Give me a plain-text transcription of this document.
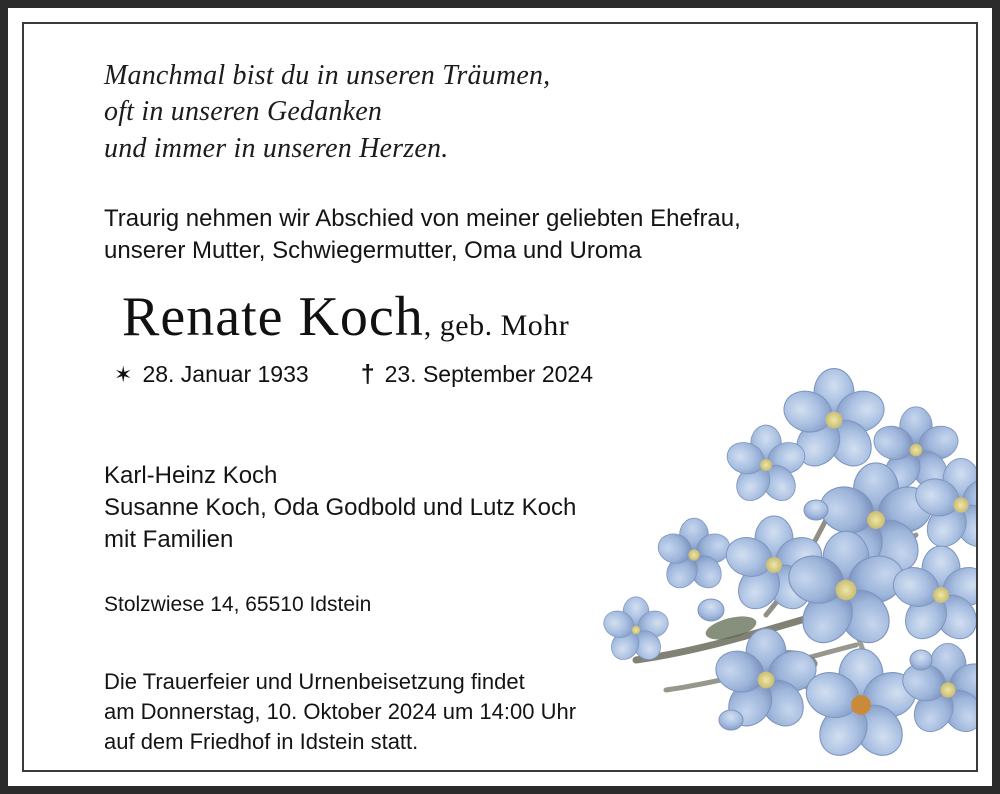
Manchmal bist du in unseren Träumen,
oft in unseren Gedanken
und immer in unseren Herzen.
Traurig nehmen wir Abschied von meiner geliebten Ehefrau,
unserer Mutter, Schwiegermutter, Oma und Uroma
Renate Koch, geb. Mohr
✶ 28. Januar 1933 † 23. September 2024
Karl-Heinz Koch
Susanne Koch, Oda Godbold und Lutz Koch
mit Familien
Stolzwiese 14, 65510 Idstein
Die Trauerfeier und Urnenbeisetzung findet
am Donnerstag, 10. Oktober 2024 um 14:00 Uhr
auf dem Friedhof in Idstein statt.
